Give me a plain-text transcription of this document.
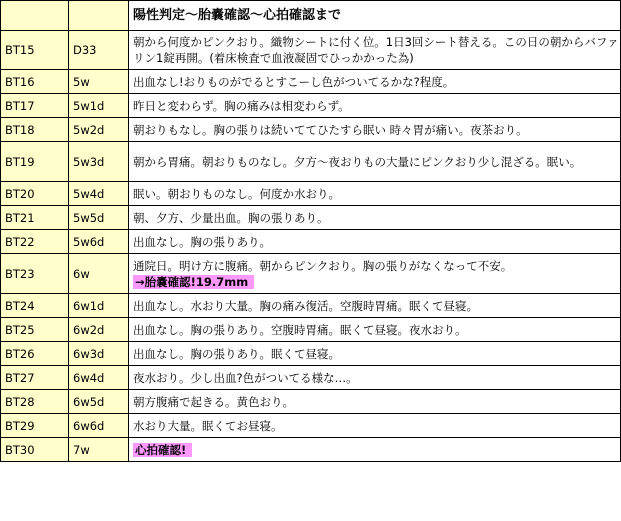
		陽性判定〜胎嚢確認〜心拍確認まで
BT15	D33	朝から何度かピンクおり。織物シートに付く位。1日3回シート替える。この日の朝からバファリン1錠再開。(着床検査で血液凝固でひっかかった為)

BT16	5w	出血なし!おりものがでるとすこーし色がついてるかな?程度。

BT17	5w1d	昨日と変わらず。胸の痛みは相変わらず。

BT18	5w2d	朝おりもなし。胸の張りは続いててひたすら眠い 時々胃が痛い。夜茶おり。

BT19	5w3d	朝から胃痛。朝おりものなし。夕方〜夜おりもの大量にピンクおり少し混ざる。眠い。

BT20	5w4d	眠い。朝おりものなし。何度か水おり。

BT21	5w5d	朝、夕方、少量出血。胸の張りあり。

BT22	5w6d	出血なし。胸の張りあり。

BT23	6w	通院日。明け方に腹痛。朝からピンクおり。胸の張りがなくなって不安。
→胎嚢確認!19.7mm

BT24	6w1d	出血なし。水おり大量。胸の痛み復活。空腹時胃痛。眠くて昼寝。

BT25	6w2d	出血なし。胸の張りあり。空腹時胃痛。眠くて昼寝。夜水おり。

BT26	6w3d	出血なし。胸の張りあり。眠くて昼寝。

BT27	6w4d	夜水おり。少し出血?色がついてる様な…。

BT28	6w5d	朝方腹痛で起きる。黄色おり。

BT29	6w6d	水おり大量。眠くてお昼寝。

BT30	7w	心拍確認!
